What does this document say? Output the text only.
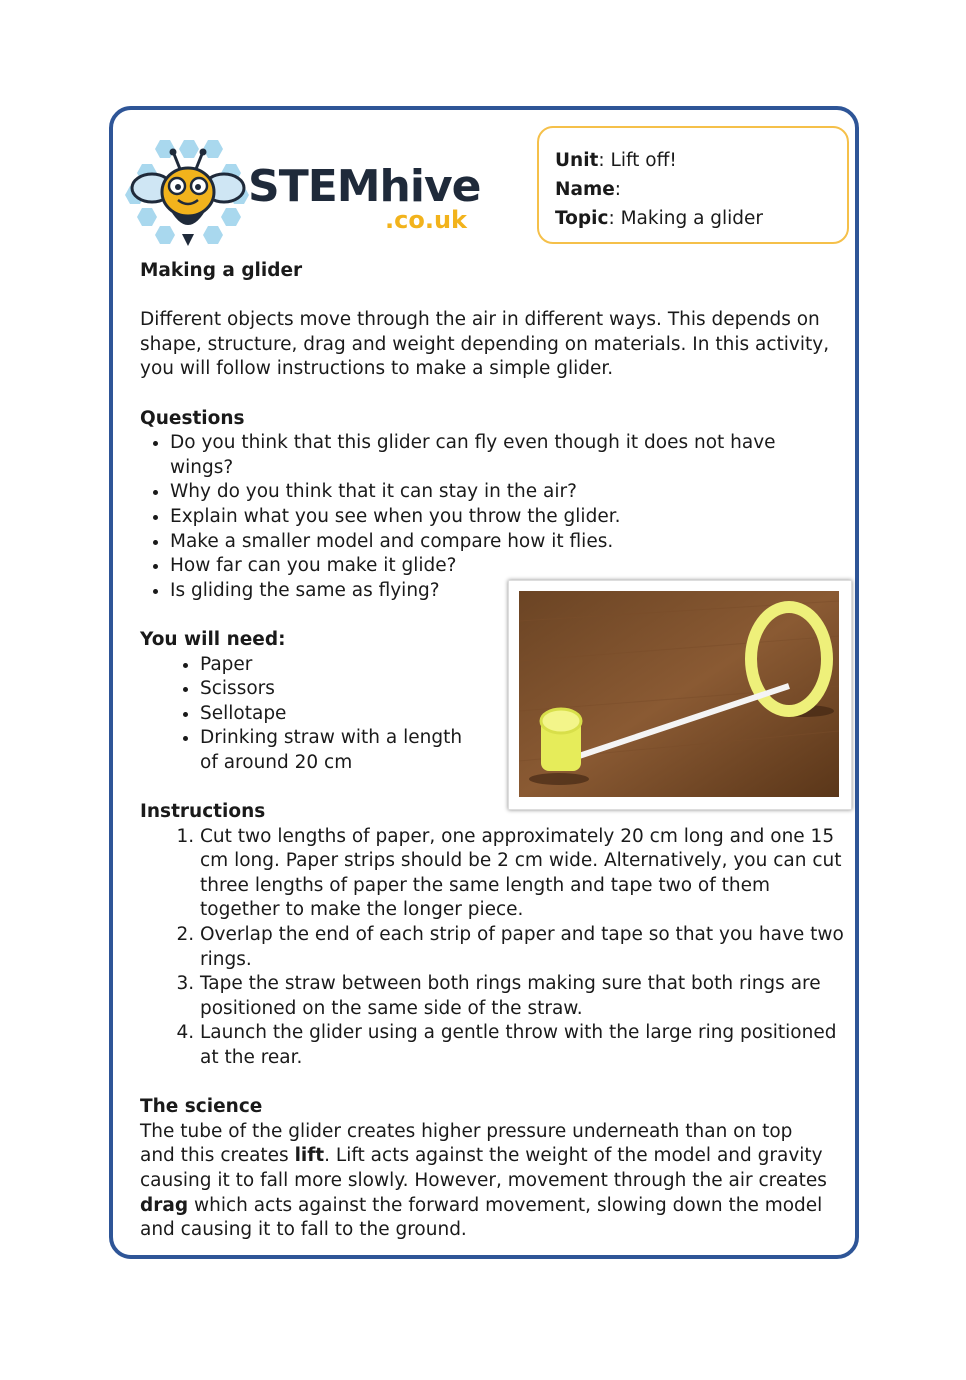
STEMhive
.co.uk
Unit: Lift off!
Name:
Topic: Making a glider

Making a glider

Different objects move through the air in different ways. This depends on shape, structure, drag and weight depending on materials. In this activity, you will follow instructions to make a simple glider.

Questions

• Do you think that this glider can fly even though it does not have wings?
• Why do you think that it can stay in the air?
• Explain what you see when you throw the glider.
• Make a smaller model and compare how it flies.
• How far can you make it glide?
• Is gliding the same as flying?

You will need:

• Paper
• Scissors
• Sellotape
• Drinking straw with a length of around 20 cm

Instructions

1. Cut two lengths of paper, one approximately 20 cm long and one 15 cm long. Paper strips should be 2 cm wide. Alternatively, you can cut three lengths of paper the same length and tape two of them together to make the longer piece.
2. Overlap the end of each strip of paper and tape so that you have two rings.
3. Tape the straw between both rings making sure that both rings are positioned on the same side of the straw.
4. Launch the glider using a gentle throw with the large ring positioned at the rear.

The science

The tube of the glider creates higher pressure underneath than on top and this creates lift. Lift acts against the weight of the model and gravity causing it to fall more slowly. However, movement through the air creates drag which acts against the forward movement, slowing down the model and causing it to fall to the ground.
